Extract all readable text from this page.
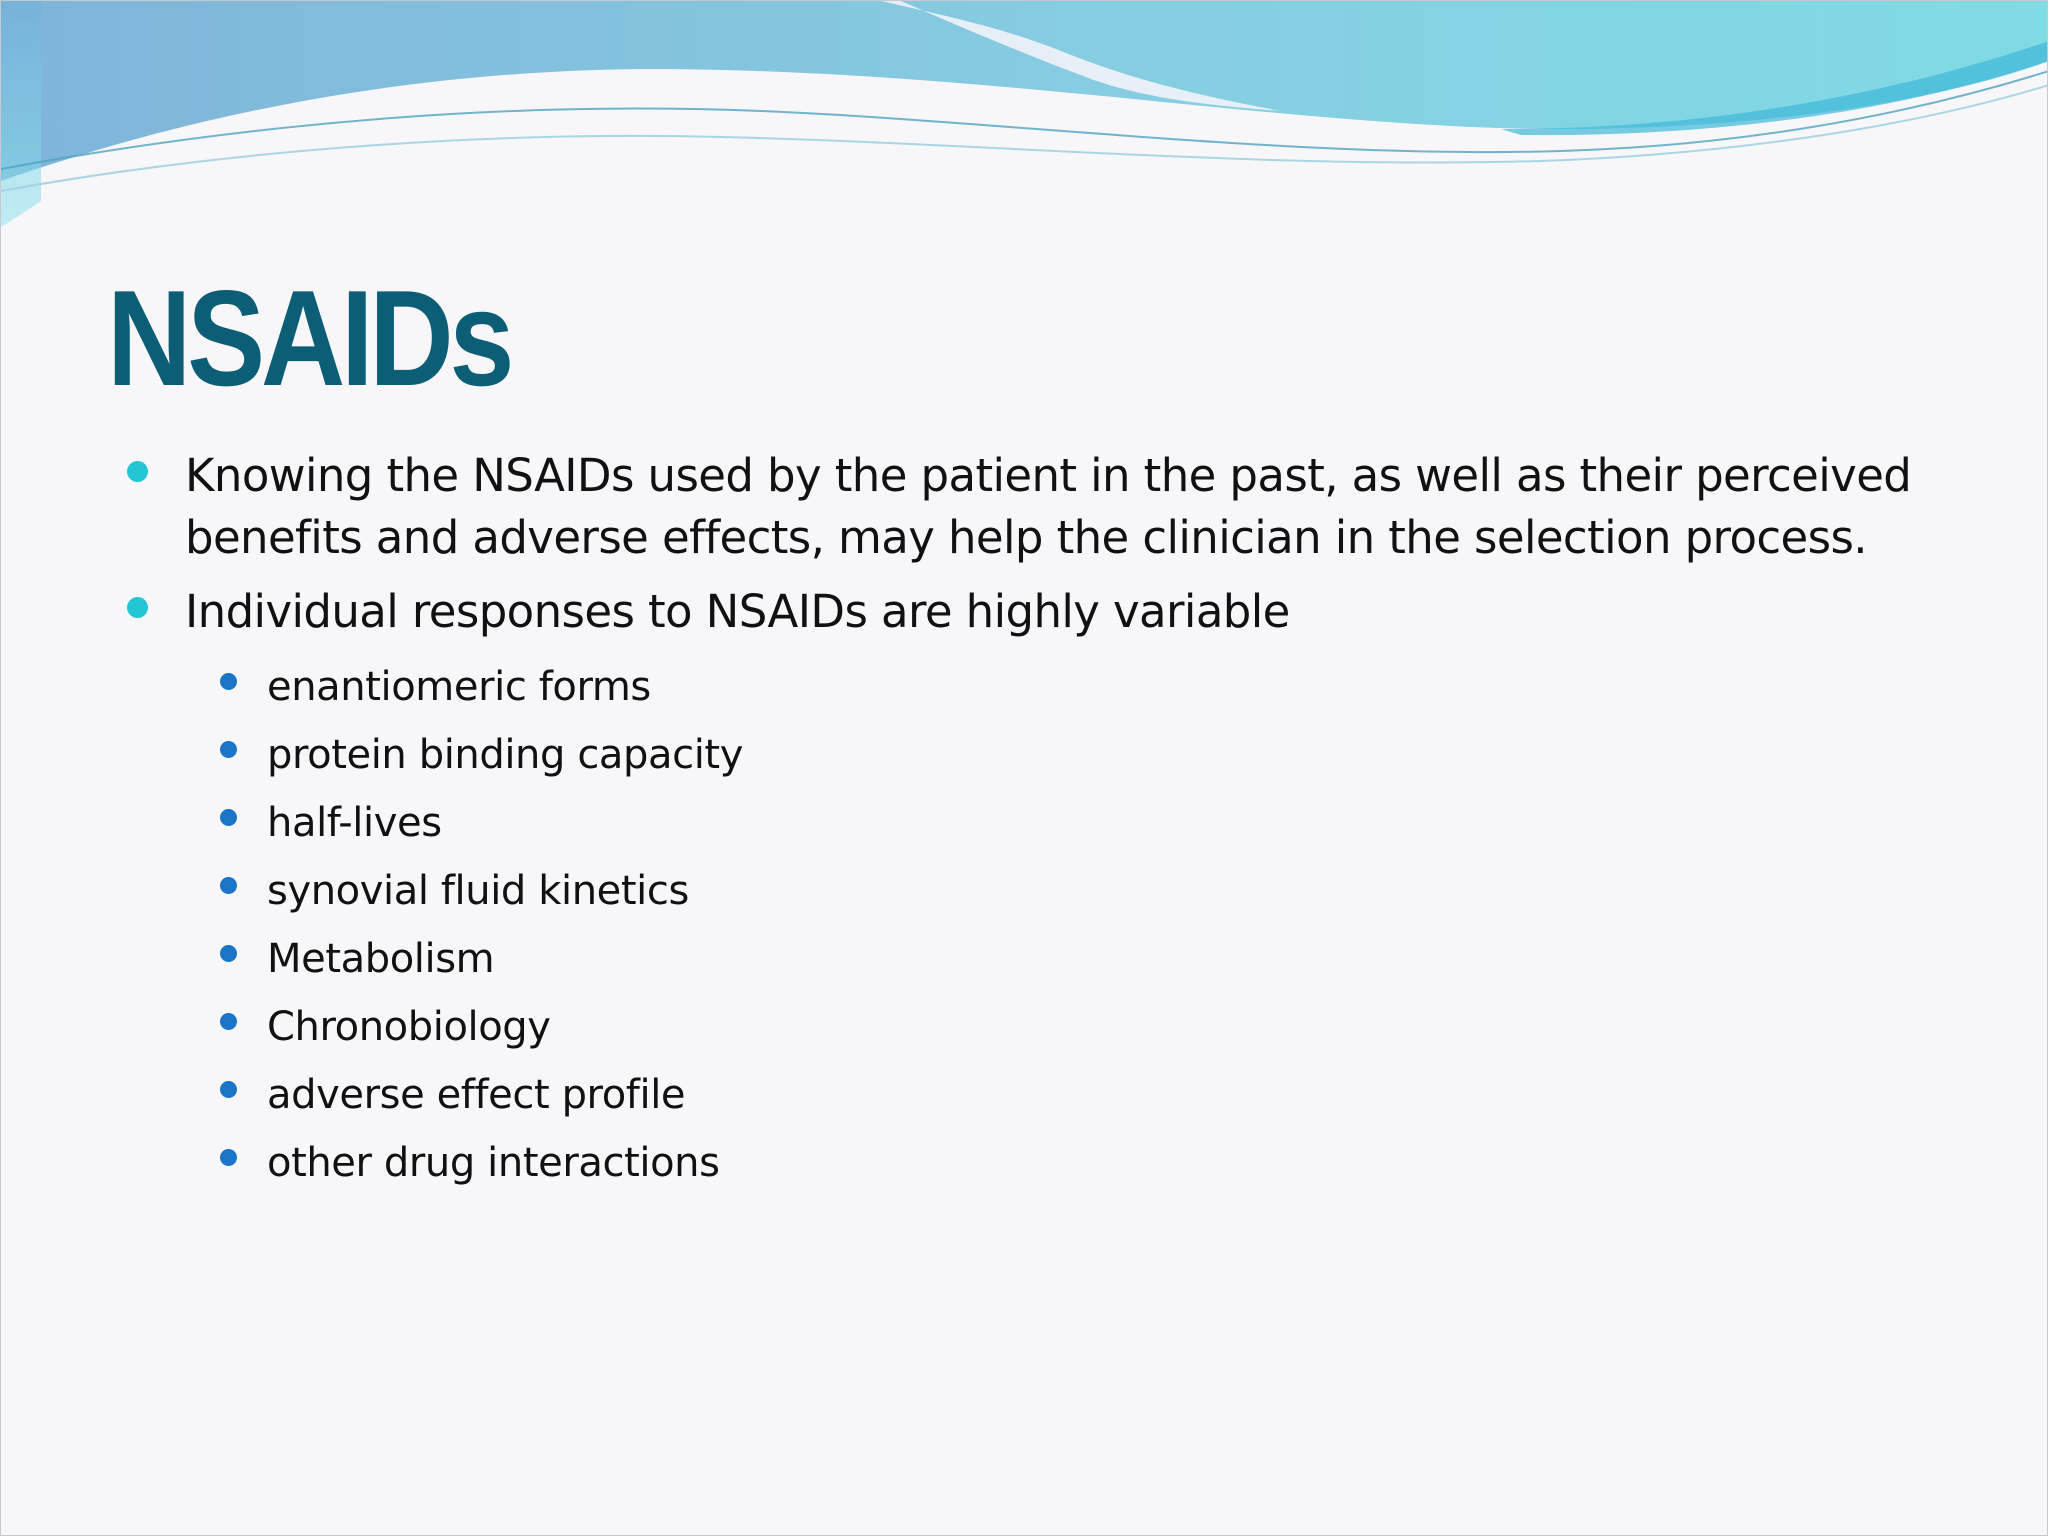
NSAIDs
Knowing the NSAIDs used by the patient in the past, as well as their perceived benefits and adverse effects, may help the clinician in the selection process.
Individual responses to NSAIDs are highly variable
enantiomeric forms
protein binding capacity
half-lives
synovial fluid kinetics
Metabolism
Chronobiology
adverse effect profile
other drug interactions
